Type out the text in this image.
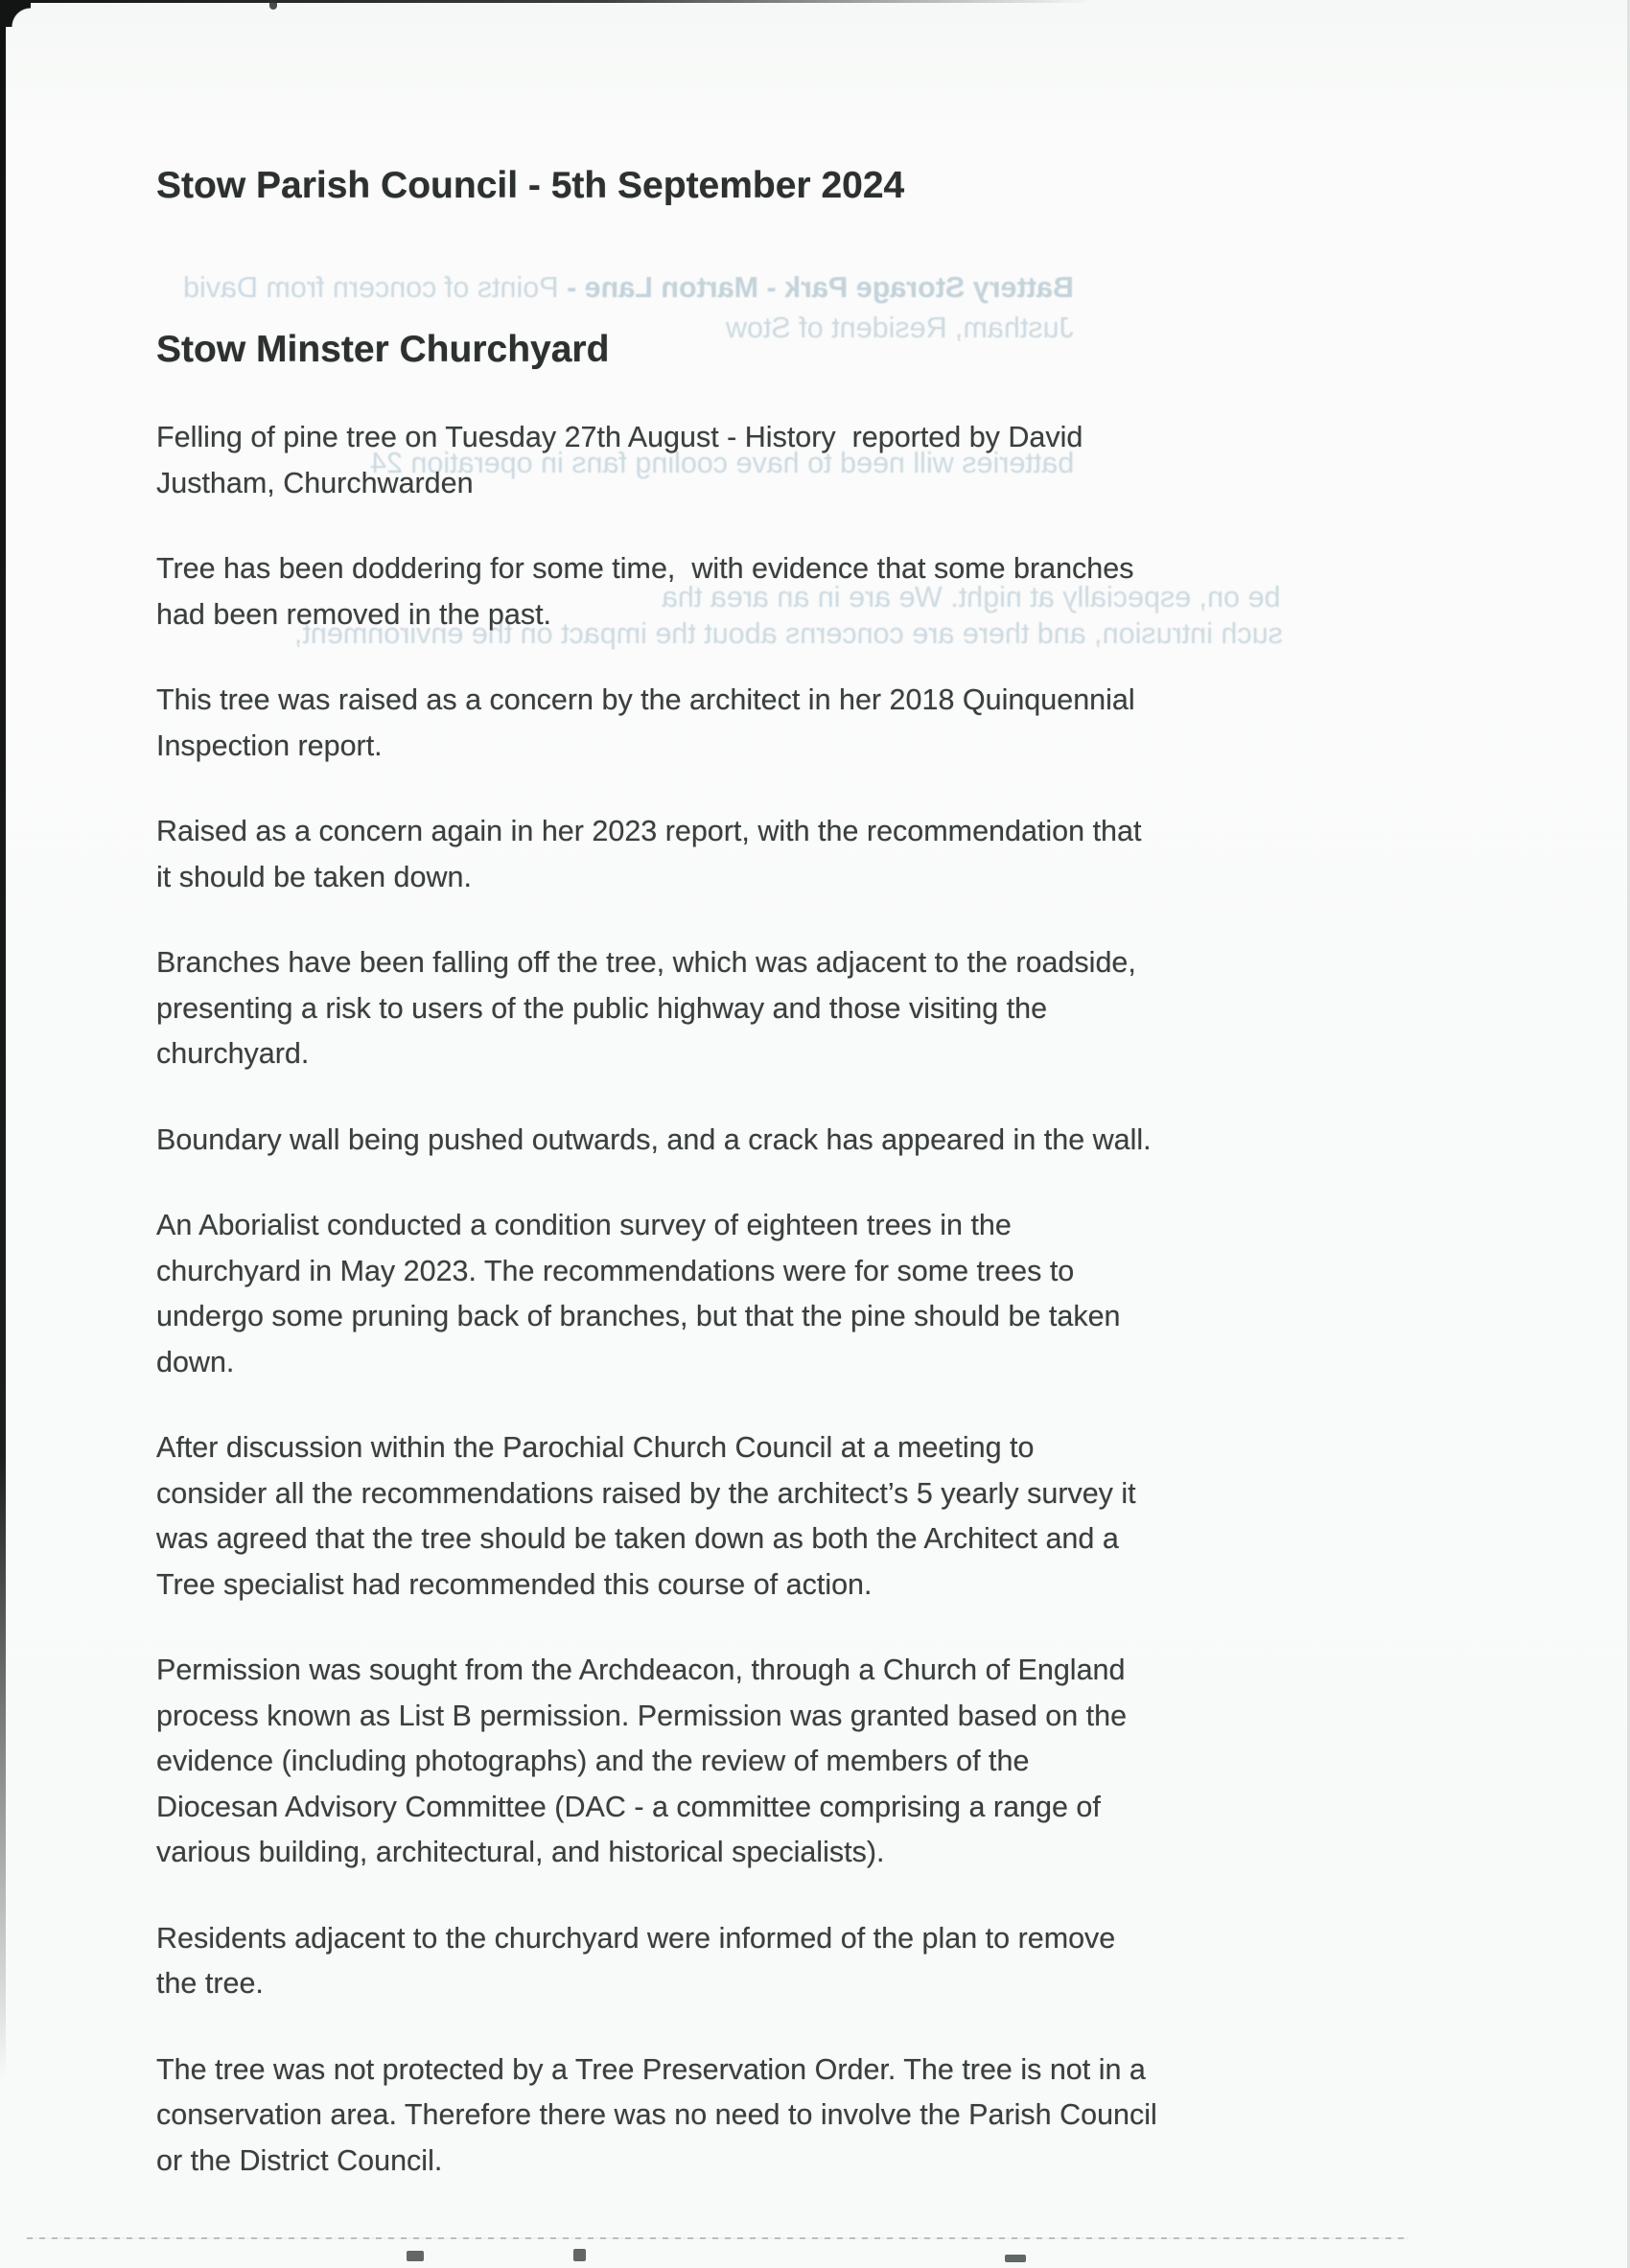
Battery Storage Park - Marton Lane - Points of concern from David
Justham, Resident of Stow
batteries will need to have cooling fans in operation 24
be on, especially at night. We are in an area tha
such intrusion, and there are concerns about the impact on the environment,
Stow Parish Council - 5th September 2024
Stow Minster Churchyard

Felling of pine tree on Tuesday 27th August - History  reported by David
Justham, Churchwarden

Tree has been doddering for some time,  with evidence that some branches
had been removed in the past.

This tree was raised as a concern by the architect in her 2018 Quinquennial
Inspection report.

Raised as a concern again in her 2023 report, with the recommendation that
it should be taken down.

Branches have been falling off the tree, which was adjacent to the roadside,
presenting a risk to users of the public highway and those visiting the
churchyard.

Boundary wall being pushed outwards, and a crack has appeared in the wall.

An Aborialist conducted a condition survey of eighteen trees in the
churchyard in May 2023. The recommendations were for some trees to
undergo some pruning back of branches, but that the pine should be taken
down.

After discussion within the Parochial Church Council at a meeting to
consider all the recommendations raised by the architect’s 5 yearly survey it
was agreed that the tree should be taken down as both the Architect and a
Tree specialist had recommended this course of action.

Permission was sought from the Archdeacon, through a Church of England
process known as List B permission. Permission was granted based on the
evidence (including photographs) and the review of members of the
Diocesan Advisory Committee (DAC - a committee comprising a range of
various building, architectural, and historical specialists).

Residents adjacent to the churchyard were informed of the plan to remove
the tree.

The tree was not protected by a Tree Preservation Order. The tree is not in a
conservation area. Therefore there was no need to involve the Parish Council
or the District Council.
